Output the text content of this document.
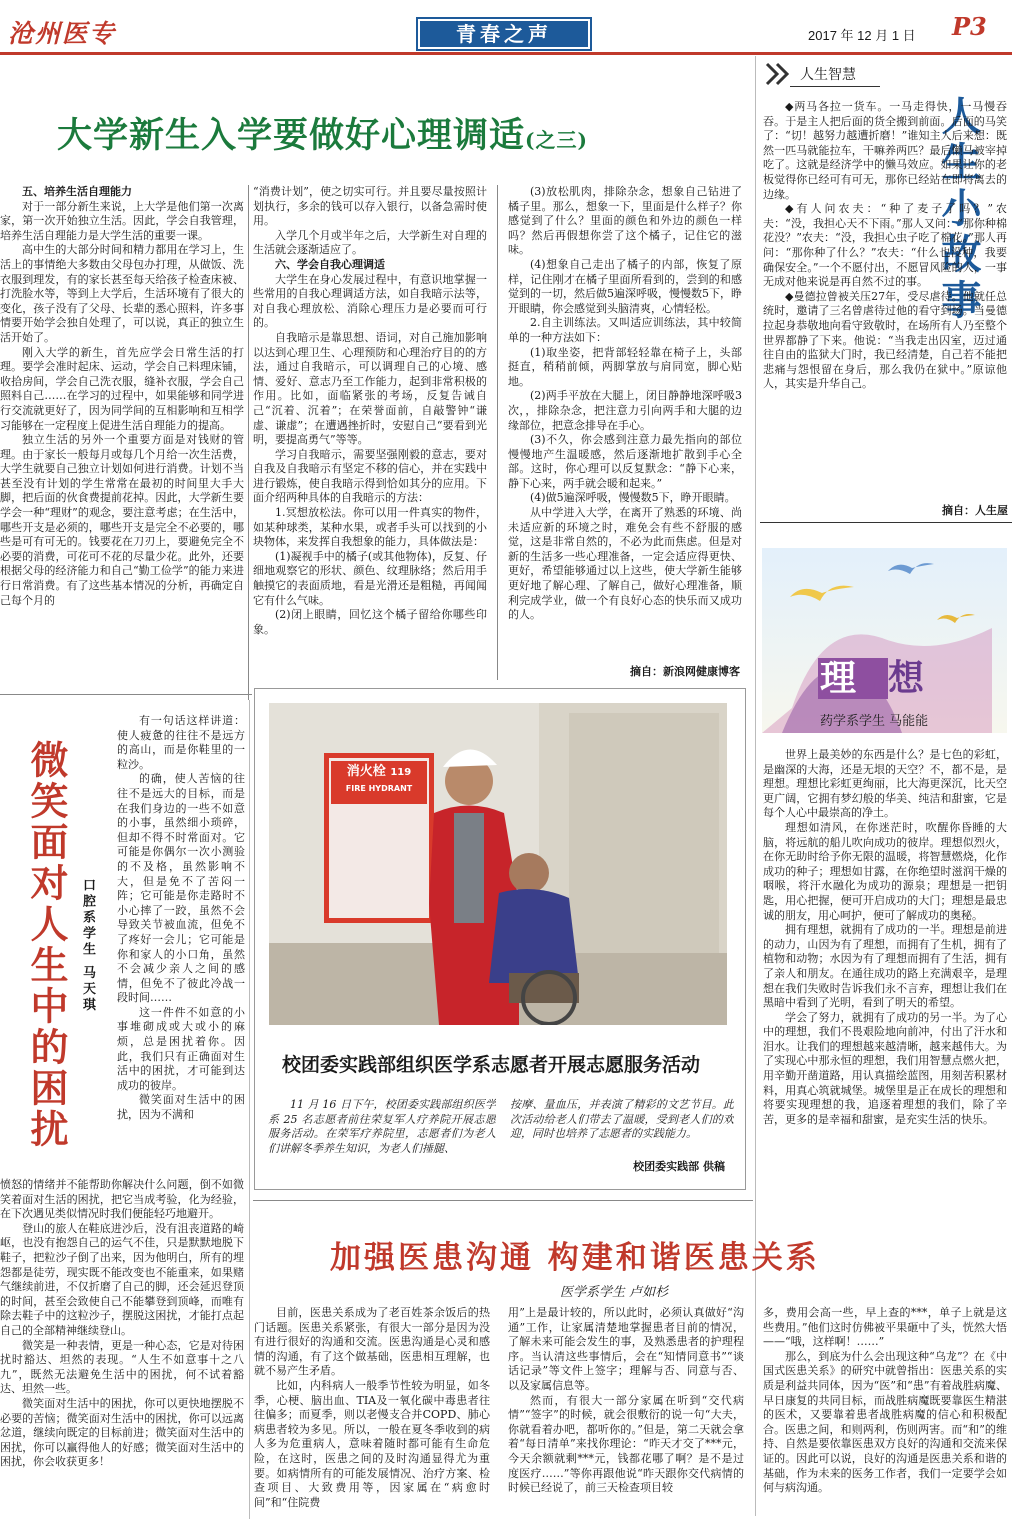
沧州医专	青春之声	2017 年 12 月 1 日 P3
大学新生入学要做好心理调适(之三)

五、培养生活自理能力

对于一部分新生来说，上大学是他们第一次离家，第一次开始独立生活。因此，学会自我管理，培养生活自理能力是大学生活的重要一课。

高中生的大部分时间和精力都用在学习上，生活上的事情绝大多数由父母包办打理，从做饭、洗衣服到理发，有的家长甚至每天给孩子检查床被、打洗脸水等，等到上大学后，生活环境有了很大的变化，孩子没有了父母、长辈的悉心照料，许多事情要开始学会独自处理了，可以说，真正的独立生活开始了。

刚入大学的新生，首先应学会日常生活的打理。要学会准时起床、运动，学会自己料理床铺，收拾房间，学会自己洗衣服，缝补衣服，学会自己照料自己……在学习的过程中，如果能够和同学进行交流就更好了，因为同学间的互相影响和互相学习能够在一定程度上促进生活自理能力的提高。

独立生活的另外一个重要方面是对钱财的管理。由于家长一般每月或每几个月给一次生活费，大学生就要自己独立计划如何进行消费。计划不当甚至没有计划的学生常常在最初的时间里大手大脚，把后面的伙食费提前花掉。因此，大学新生要学会一种“理财”的观念，要注意考虑；在生活中，哪些开支是必须的，哪些开支是完全不必要的，哪些是可有可无的。钱要花在刀刃上，要避免完全不必要的消费，可花可不花的尽量少花。此外，还要根据父母的经济能力和自己“勤工俭学”的能力来进行日常消费。有了这些基本情况的分析，再确定自己每个月的

“消费计划”，使之切实可行。并且要尽量按照计划执行，多余的钱可以存入银行，以备急需时使用。

入学几个月或半年之后，大学新生对自理的生活就会逐渐适应了。

六、学会自我心理调适

大学生在身心发展过程中，有意识地掌握一些常用的自我心理调适方法，如自我暗示法等，对自我心理放松、消除心理压力是必要而可行的。

自我暗示是靠思想、语词，对自己施加影响以达到心理卫生、心理预防和心理治疗目的的方法，通过自我暗示，可以调理自己的心境、感情、爱好、意志乃至工作能力，起到非常积极的作用。比如，面临紧张的考场，反复告诫自己“沉着、沉着”；在荣誉面前，自敲警钟“谦虚、谦虚”；在遭遇挫折时，安慰自己“要看到光明，要提高勇气”等等。

学习自我暗示，需要坚强刚毅的意志，要对自我及自我暗示有坚定不移的信心，并在实践中进行锻炼，使自我暗示得到恰如其分的应用。下面介绍两种具体的自我暗示的方法：

1.冥想放松法。你可以用一件真实的物件，如某种球类，某种水果，或者手头可以找到的小块物体，来发挥自我想象的能力，具体做法是：

(1)凝视手中的橘子(或其他物体)，反复、仔细地观察它的形状、颜色、纹理脉络；然后用手触摸它的表面质地，看是光滑还是粗糙，再闻闻它有什么气味。

(2)闭上眼睛，回忆这个橘子留给你哪些印象。

(3)放松肌肉，排除杂念，想象自己钻进了橘子里。那么，想象一下，里面是什么样子？你感觉到了什么？里面的颜色和外边的颜色一样吗？然后再假想你尝了这个橘子，记住它的滋味。

(4)想象自己走出了橘子的内部，恢复了原样，记住刚才在橘子里面所看到的，尝到的和感觉到的一切，然后做5遍深呼吸，慢慢数5下，睁开眼睛，你会感觉到头脑清爽，心情轻松。

2.自主训练法。又叫适应训练法，其中较简单的一种方法如下：

(1)取坐姿，把背部轻轻靠在椅子上，头部挺直，稍稍前倾，两脚掌放与肩同宽，脚心贴地。

(2)两手平放在大腿上，闭目静静地深呼吸3次，，排除杂念，把注意力引向两手和大腿的边缘部位，把意念排导在手心。

(3)不久，你会感到注意力最先指向的部位慢慢地产生温暖感，然后逐渐地扩散到手心全部。这时，你心理可以反复默念：“静下心来，静下心来，两手就会暖和起来。”

(4)做5遍深呼吸，慢慢数5下，睁开眼睛。

从中学进入大学，在离开了熟悉的环境、尚未适应新的环境之时，难免会有些不舒服的感觉，这是非常自然的，不必为此而焦虑。但是对新的生活多一些心理准备，一定会适应得更快、更好，希望能够通过以上这些，使大学新生能够更好地了解心理、了解自己，做好心理准备，顺利完成学业，做一个有良好心态的快乐而又成功的人。

摘自：新浪网健康博客
人生智慧
人生小故事

◆两马各拉一货车。一马走得快，一马慢吞吞。于是主人把后面的货全搬到前面。后面的马笑了：“切！越努力越遭折磨！”谁知主人后来想：既然一匹马就能拉车，干嘛养两匹？最后懒马被宰掉吃了。这就是经济学中的懒马效应。如果让你的老板觉得你已经可有可无，那你已经站在即将离去的边缘。

◆有人问农夫：“种了麦子了吗？”农夫：“没，我担心天不下雨。”那人又问：“那你种棉花没？”农夫：“没，我担心虫子吃了棉花。”那人再问：“那你种了什么？”农夫：“什么也没种，我要确保安全。”一个不愿付出，不愿冒风险的人，一事无成对他来说是再自然不过的事。

◆曼德拉曾被关压27年，受尽虐待。他就任总统时，邀请了三名曾虐待过他的看守到场。当曼德拉起身恭敬地向看守致敬时，在场所有人乃至整个世界都静了下来。他说：“当我走出囚室，迈过通往自由的监狱大门时，我已经清楚，自己若不能把悲痛与怨恨留在身后，那么我仍在狱中。”原谅他人，其实是升华自己。

摘自：人生屋
理想
药学系学生 马能能

世界上最美妙的东西是什么？是七色的彩虹，是幽深的大海，还是无垠的天空？不，都不是，是理想。理想比彩虹更绚丽，比大海更深沉，比天空更广阔，它拥有梦幻般的华美、纯洁和甜蜜，它是每个人心中最崇高的净土。

理想如清风，在你迷茫时，吹醒你昏睡的大脑，将远航的船儿吹向成功的彼岸。理想似烈火，在你无助时给予你无限的温暖，将智慧燃烧，化作成功的种子；理想如甘露，在你绝望时滋润干燥的咽喉，将汗水融化为成功的源泉；理想是一把钥匙，用心把握，便可开启成功的大门；理想是最忠诚的朋友，用心呵护，便可了解成功的奥秘。

拥有理想，就拥有了成功的一半。理想是前进的动力，山因为有了理想，而拥有了生机，拥有了植物和动物；水因为有了理想而拥有了生活，拥有了亲人和朋友。在通往成功的路上充满艰辛，是理想在我们失败时告诉我们永不言弃，理想让我们在黑暗中看到了光明，看到了明天的希望。

学会了努力，就拥有了成功的另一半。为了心中的理想，我们不畏艰险地向前冲，付出了汗水和泪水。让我们的理想越来越清晰，越来越伟大。为了实现心中那永恒的理想，我们用智慧点燃火把，用辛勤开凿道路，用认真描绘蓝图，用刻苦积累材料，用真心筑就城堡。城堡里是正在成长的理想和将要实现理想的我，追逐着理想的我们，除了辛苦，更多的是幸福和甜蜜，是充实生活的快乐。

微笑面对人生中的困扰 口腔系学生 马天琪

有一句话这样讲道：使人疲惫的往往不是远方的高山，而是你鞋里的一粒沙。

的确，使人苦恼的往往不是远大的目标，而是在我们身边的一些不如意的小事，虽然细小琐碎，但却不得不时常面对。它可能是你偶尔一次小测验的不及格，虽然影响不大，但是免不了苦闷一阵；它可能是你走路时不小心摔了一跤，虽然不会导致关节被血流，但免不了疼好一会儿；它可能是你和家人的小口角，虽然不会减少亲人之间的感情，但免不了彼此冷战一段时间……

这一件件不如意的小事堆砌成或大或小的麻烦，总是困扰着你。因此，我们只有正确面对生活中的困扰，才可能到达成功的彼岸。

微笑面对生活中的困扰，因为不满和

愤怒的情绪并不能帮助你解决什么问题，倒不如微笑着面对生活的困扰，把它当成考验，化为经验，在下次遇见类似情况时我们便能轻巧地避开。

登山的旅人在鞋底进沙后，没有沮丧道路的崎岖，也没有抱怨自己的运气不佳，只是默默地脱下鞋子，把粒沙子倒了出来，因为他明白，所有的埋怨都是徒劳，现实既不能改变也不能重来，如果赌气继续前进，不仅折磨了自己的脚，还会延迟登顶的时间，甚至会致使自己不能攀登到顶峰，而唯有除去鞋子中的这粒沙子，摆脱这困扰，才能打点起自己的全部精神继续登山。

微笑是一种表情，更是一种心态，它是对待困扰时豁达、坦然的表现。“人生不如意事十之八九”，既然无法避免生活中的困扰，何不试着豁达、坦然一些。

微笑面对生活中的困扰，你可以更快地摆脱不必要的苦恼；微笑面对生活中的困扰，你可以远离忿道，继续向既定的目标前进；微笑面对生活中的困扰，你可以赢得他人的好感；微笑面对生活中的困扰，你会收获更多！

消火栓 119
FIRE HYDRANT
校团委实践部组织医学系志愿者开展志愿服务活动
11 月 16 日下午，校团委实践部组织医学系 25 名志愿者前往荣复军人疗养院开展志愿服务活动。在荣军疗养院里，志愿者们为老人们讲解冬季养生知识，为老人们捶腿、
按摩、量血压，并表演了精彩的文艺节目。此次活动给老人们带去了温暖，受到老人们的欢迎，同时也培养了志愿者的实践能力。
校团委实践部 供稿
加强医患沟通 构建和谐医患关系
医学系学生 卢如杉

目前，医患关系成为了老百姓茶余饭后的热门话题。医患关系紧张，有很大一部分是因为没有进行很好的沟通和交流。医患沟通是心灵和感情的沟通，有了这个做基础，医患相互理解，也就不易产生矛盾。

比如，内科病人一般季节性较为明显，如冬季，心梗、脑出血、TIA及一氧化碳中毒患者往往偏多；而夏季，则以老慢支合并COPD、肺心病患者较为多见。所以，一般在夏冬季收到的病人多为危重病人，意味着随时都可能有生命危险，在这时，医患之间的及时沟通显得尤为重要。如病情所有的可能发展情况、治疗方案、检查项目、大致费用等，因家属在“病愈时间”和“住院费

用”上是最计较的，所以此时，必须认真做好“沟通”工作，让家属清楚地掌握患者目前的情况，了解未来可能会发生的事，及熟悉患者的护理程序。当认清这些事情后，会在“知情同意书”“谈话记录”等文件上签字；理解与否、同意与否、以及家属信息等。

然而，有很大一部分家属在听到“交代病情”“签字”的时候，就会很敷衍的说一句“大夫，你就看着办吧，都听你的。”但是，第二天就会拿着“每日清单”来找你理论：“昨天才交了***元，今天余额就剩***元，钱都花哪了啊？是不是过度医疗……”等你再跟他说“昨天跟你交代病情的时候已经说了，前三天检查项目较

多，费用会高一些，早上查的***，单子上就是这些费用。”他们这时仿佛被平果砸中了头，恍然大悟——“哦，这样啊！……”

那么，到底为什么会出现这种“乌龙”？在《中国式医患关系》的研究中就曾指出：医患关系的实质是利益共同体，因为“医”和“患”有着战胜病魔、早日康复的共同目标，而战胜病魔既要靠医生精湛的医术，又要靠着患者战胜病魔的信心和积极配合。医患之间，和则两利，伤则两害。而“和”的维持、自然是要依靠医患双方良好的沟通和交流来保证的。因此可以说，良好的沟通是医患关系和谐的基础，作为未来的医务工作者，我们一定要学会如何与病沟通。
